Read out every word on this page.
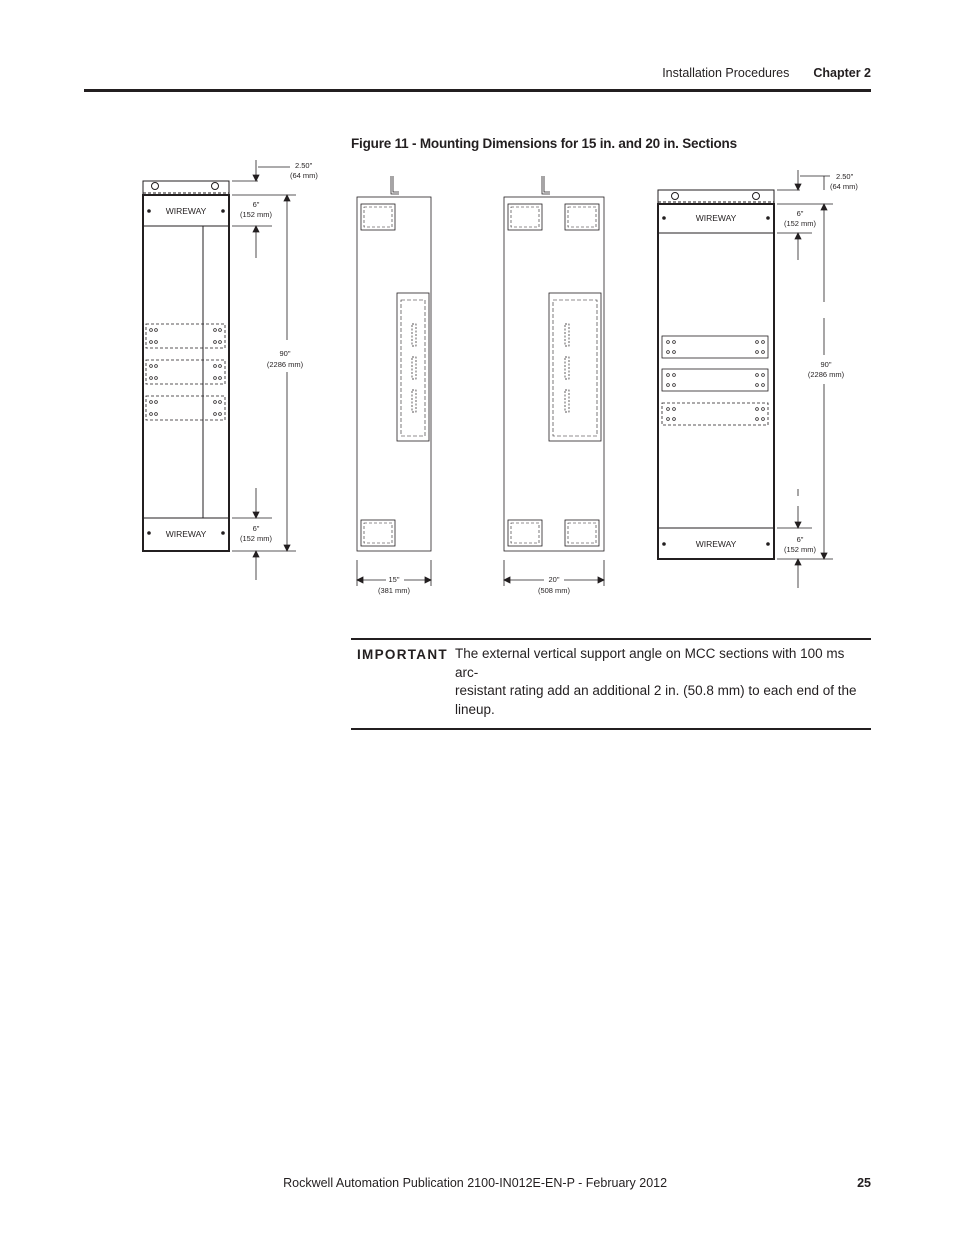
Installation Procedures Chapter 2
Figure 11 - Mounting Dimensions for 15 in. and 20 in. Sections
WIREWAY
WIREWAY
2.50"
(64 mm)
6"
(152 mm)
90"
(2286 mm)
6"
(152 mm)
15"
(381 mm)
20"
(508 mm)
WIREWAY
WIREWAY
2.50"
(64 mm)
6"
(152 mm)
90"
(2286 mm)
6"
(152 mm)
IMPORTANT The external vertical support angle on MCC sections with 100 ms arc-
resistant rating add an additional 2 in. (50.8 mm) to each end of the
lineup.
Rockwell Automation Publication 2100-IN012E-EN-P - February 2012	25
